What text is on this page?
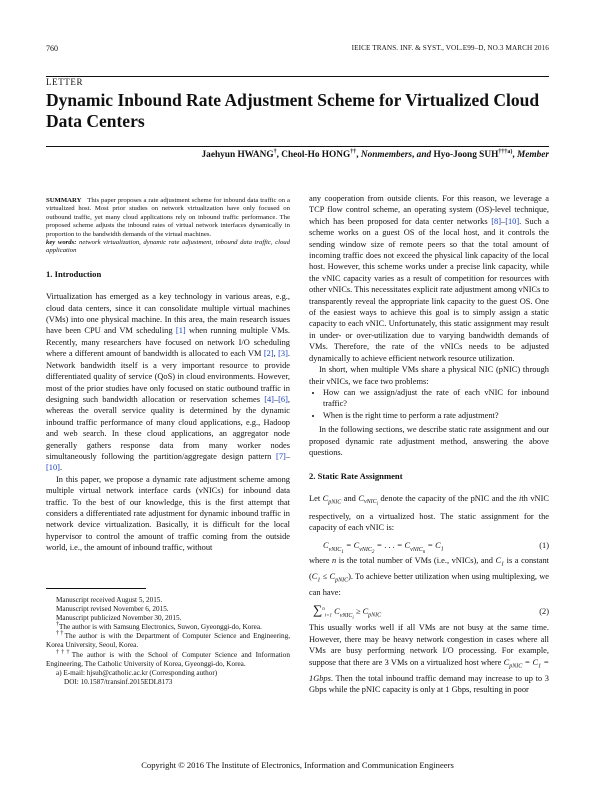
760	IEICE TRANS. INF. & SYST., VOL.E99–D, NO.3 MARCH 2016
LETTER
Dynamic Inbound Rate Adjustment Scheme for Virtualized Cloud Data Centers
Jaehyun HWANG†, Cheol-Ho HONG††, Nonmembers, and Hyo-Joong SUH$^{\dagger\dagger\dagger a)}$, Member

SUMMARY This paper proposes a rate adjustment scheme for inbound data traffic on a virtualized host. Most prior studies on network virtualization have only focused on outbound traffic, yet many cloud applications rely on inbound traffic performance. The proposed scheme adjusts the inbound rates of virtual network interfaces dynamically in proportion to the bandwidth demands of the virtual machines.

key words: network virtualization, dynamic rate adjustment, inbound data traffic, cloud application

1. Introduction

Virtualization has emerged as a key technology in various areas, e.g., cloud data centers, since it can consolidate multiple virtual machines (VMs) into one physical machine. In this area, the main research issues have been CPU and VM scheduling [1] when running multiple VMs. Recently, many researchers have focused on network I/O scheduling where a different amount of bandwidth is allocated to each VM [2], [3]. Network bandwidth itself is a very important resource to provide differentiated quality of service (QoS) in cloud environments. However, most of the prior studies have only focused on static outbound traffic in designing such bandwidth allocation or reservation schemes [4]–[6], whereas the overall service quality is determined by the dynamic inbound traffic performance of many cloud applications, e.g., Hadoop and web search. In these cloud applications, an aggregator node generally gathers response data from many worker nodes simultaneously following the partition/aggregate design pattern [7]–[10].

In this paper, we propose a dynamic rate adjustment scheme among multiple virtual network interface cards (vNICs) for inbound data traffic. To the best of our knowledge, this is the first attempt that considers a differentiated rate adjustment for dynamic inbound traffic in network device virtualization. Basically, it is difficult for the local hypervisor to control the amount of traffic coming from the outside world, i.e., the amount of inbound traffic, without

Manuscript received August 5, 2015.

Manuscript revised November 6, 2015.

Manuscript publicized November 30, 2015.

†The author is with Samsung Electronics, Suwon, Gyeonggi-do, Korea.

††The author is with the Department of Computer Science and Engineering, Korea University, Seoul, Korea.

†††The author is with the School of Computer Science and Information Engineering, The Catholic University of Korea, Gyeonggi-do, Korea.

a) E-mail: hjsuh@catholic.ac.kr (Corresponding author)

DOI: 10.1587/transinf.2015EDL8173

any cooperation from outside clients. For this reason, we leverage a TCP flow control scheme, an operating system (OS)-level technique, which has been proposed for data center networks [8]–[10]. Such a scheme works on a guest OS of the local host, and it controls the sending window size of remote peers so that the total amount of incoming traffic does not exceed the physical link capacity of the local host. However, this scheme works under a precise link capacity, while the vNIC capacity varies as a result of competition for resources with other vNICs. This necessitates explicit rate adjustment among vNICs to transparently reveal the appropriate link capacity to the guest OS. One of the easiest ways to achieve this goal is to simply assign a static capacity to each vNIC. Unfortunately, this static assignment may result in under- or over-utilization due to varying bandwidth demands of VMs. Therefore, the rate of the vNICs needs to be adjusted dynamically to achieve efficient network resource utilization.

In short, when multiple VMs share a physical NIC (pNIC) through their vNICs, we face two problems:

• How can we assign/adjust the rate of each vNIC for inbound traffic?
• When is the right time to perform a rate adjustment?

In the following sections, we describe static rate assignment and our proposed dynamic rate adjustment method, answering the above questions.

2. Static Rate Assignment

Let $C_{pNIC}$ and $C_{vNIC_i}$ denote the capacity of the pNIC and the ith vNIC respectively, on a virtualized host. The static assignment for the capacity of each vNIC is:

$C_{vNIC_1} = C_{vNIC_2}$ = . . . = $C_{vNIC_n} = C_1$	(1)

where n is the total number of VMs (i.e., vNICs), and $C_1$ is a constant $(C_1 \le C_{pNIC})$. To achieve better utilization when using multiplexing, we can have:

∑$^n_{i=1}$ $C_{vNIC_i} \ge C_{pNIC}$	(2)

This usually works well if all VMs are not busy at the same time. However, there may be heavy network congestion in cases where all VMs are busy performing network I/O processing. For example, suppose that there are 3 VMs on a virtualized host where $C_{pNIC} = C_1$ = 1Gbps. Then the total inbound traffic demand may increase to up to 3 Gbps while the pNIC capacity is only at 1 Gbps, resulting in poor

Copyright © 2016 The Institute of Electronics, Information and Communication Engineers
